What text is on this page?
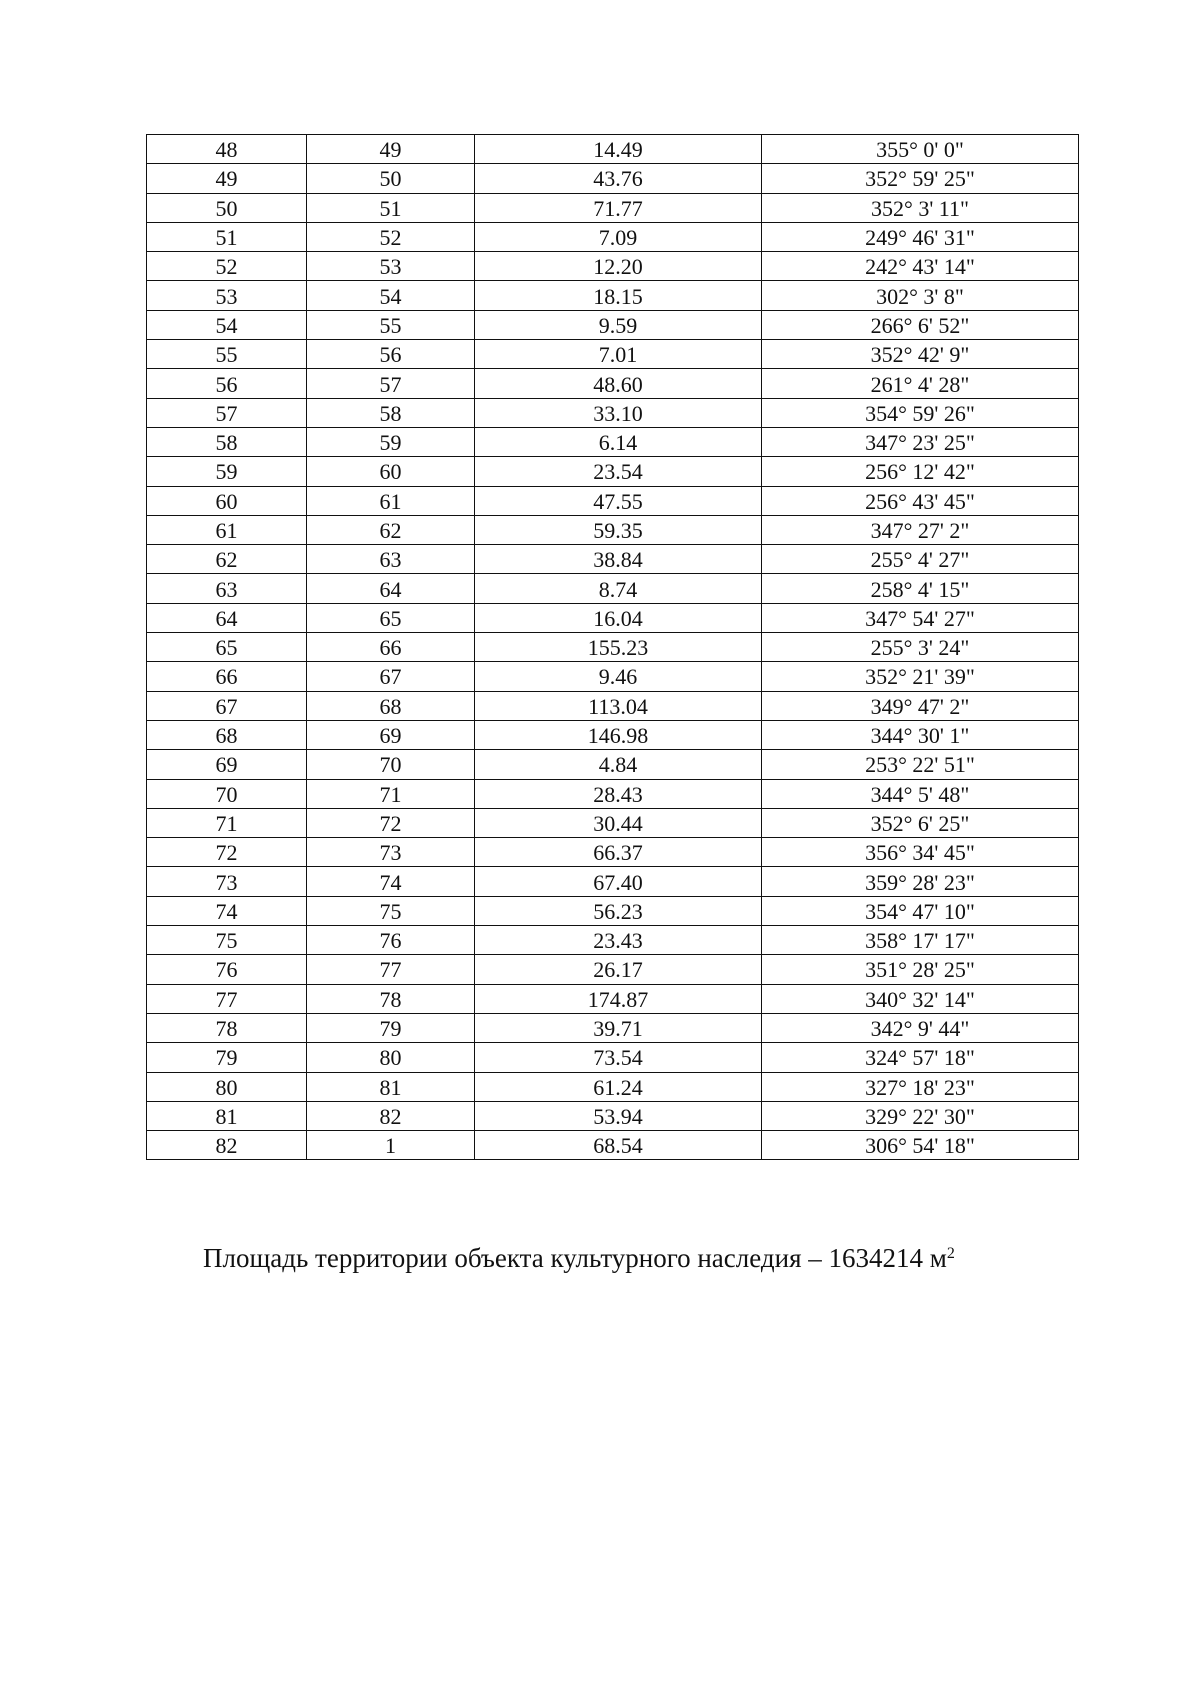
48	49	14.49	355° 0' 0"
49	50	43.76	352° 59' 25"
50	51	71.77	352° 3' 11"
51	52	7.09	249° 46' 31"
52	53	12.20	242° 43' 14"
53	54	18.15	302° 3' 8"
54	55	9.59	266° 6' 52"
55	56	7.01	352° 42' 9"
56	57	48.60	261° 4' 28"
57	58	33.10	354° 59' 26"
58	59	6.14	347° 23' 25"
59	60	23.54	256° 12' 42"
60	61	47.55	256° 43' 45"
61	62	59.35	347° 27' 2"
62	63	38.84	255° 4' 27"
63	64	8.74	258° 4' 15"
64	65	16.04	347° 54' 27"
65	66	155.23	255° 3' 24"
66	67	9.46	352° 21' 39"
67	68	113.04	349° 47' 2"
68	69	146.98	344° 30' 1"
69	70	4.84	253° 22' 51"
70	71	28.43	344° 5' 48"
71	72	30.44	352° 6' 25"
72	73	66.37	356° 34' 45"
73	74	67.40	359° 28' 23"
74	75	56.23	354° 47' 10"
75	76	23.43	358° 17' 17"
76	77	26.17	351° 28' 25"
77	78	174.87	340° 32' 14"
78	79	39.71	342° 9' 44"
79	80	73.54	324° 57' 18"
80	81	61.24	327° 18' 23"
81	82	53.94	329° 22' 30"
82	1	68.54	306° 54' 18"
Площадь территории объекта культурного наследия – 1634214 $м^2$
